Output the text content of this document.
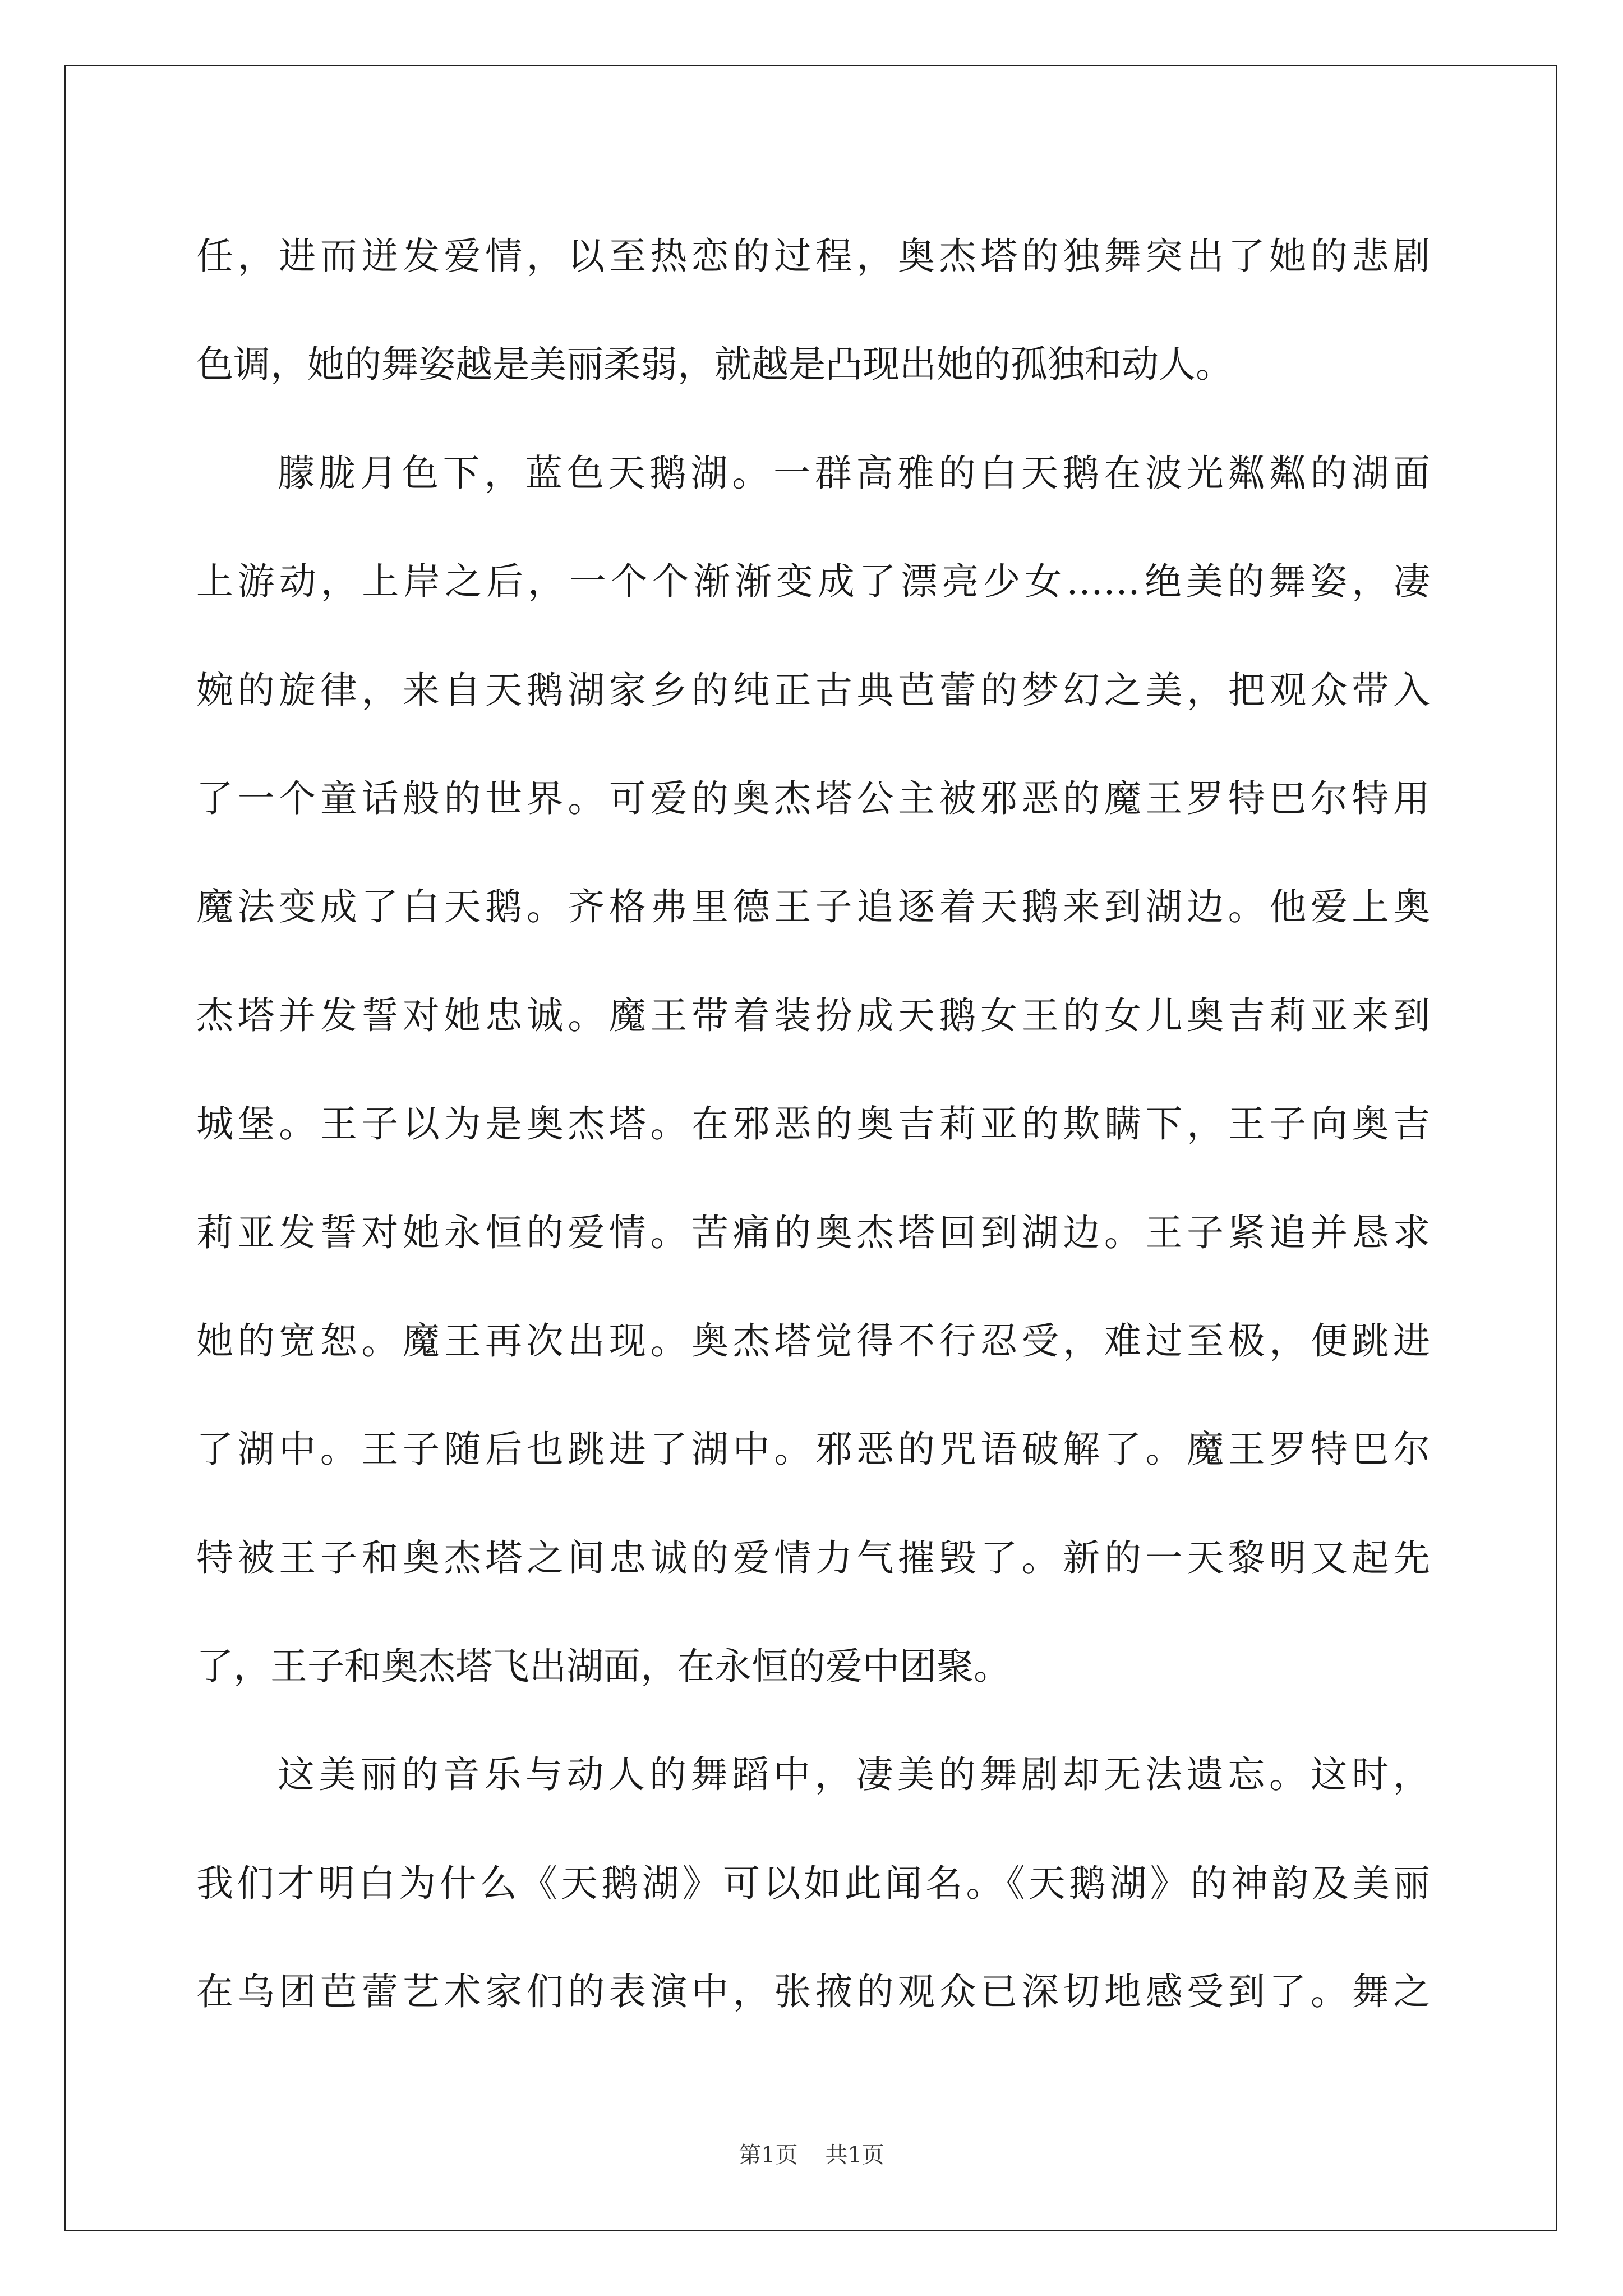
任，进而迸发爱情，以至热恋的过程，奥杰塔的独舞突出了她的悲剧
色调，她的舞姿越是美丽柔弱，就越是凸现出她的孤独和动人。
朦胧月色下，蓝色天鹅湖。一群高雅的白天鹅在波光粼粼的湖面
上游动，上岸之后，一个个渐渐变成了漂亮少女……绝美的舞姿，凄
婉的旋律，来自天鹅湖家乡的纯正古典芭蕾的梦幻之美，把观众带入
了一个童话般的世界。可爱的奥杰塔公主被邪恶的魔王罗特巴尔特用
魔法变成了白天鹅。齐格弗里德王子追逐着天鹅来到湖边。他爱上奥
杰塔并发誓对她忠诚。魔王带着装扮成天鹅女王的女儿奥吉莉亚来到
城堡。王子以为是奥杰塔。在邪恶的奥吉莉亚的欺瞒下，王子向奥吉
莉亚发誓对她永恒的爱情。苦痛的奥杰塔回到湖边。王子紧追并恳求
她的宽恕。魔王再次出现。奥杰塔觉得不行忍受，难过至极，便跳进
了湖中。王子随后也跳进了湖中。邪恶的咒语破解了。魔王罗特巴尔
特被王子和奥杰塔之间忠诚的爱情力气摧毁了。新的一天黎明又起先
了，王子和奥杰塔飞出湖面，在永恒的爱中团聚。
这美丽的音乐与动人的舞蹈中，凄美的舞剧却无法遗忘。这时，
我们才明白为什么《天鹅湖》可以如此闻名。《天鹅湖》的神韵及美丽
在乌团芭蕾艺术家们的表演中，张掖的观众已深切地感受到了。舞之
第1页 共1页
